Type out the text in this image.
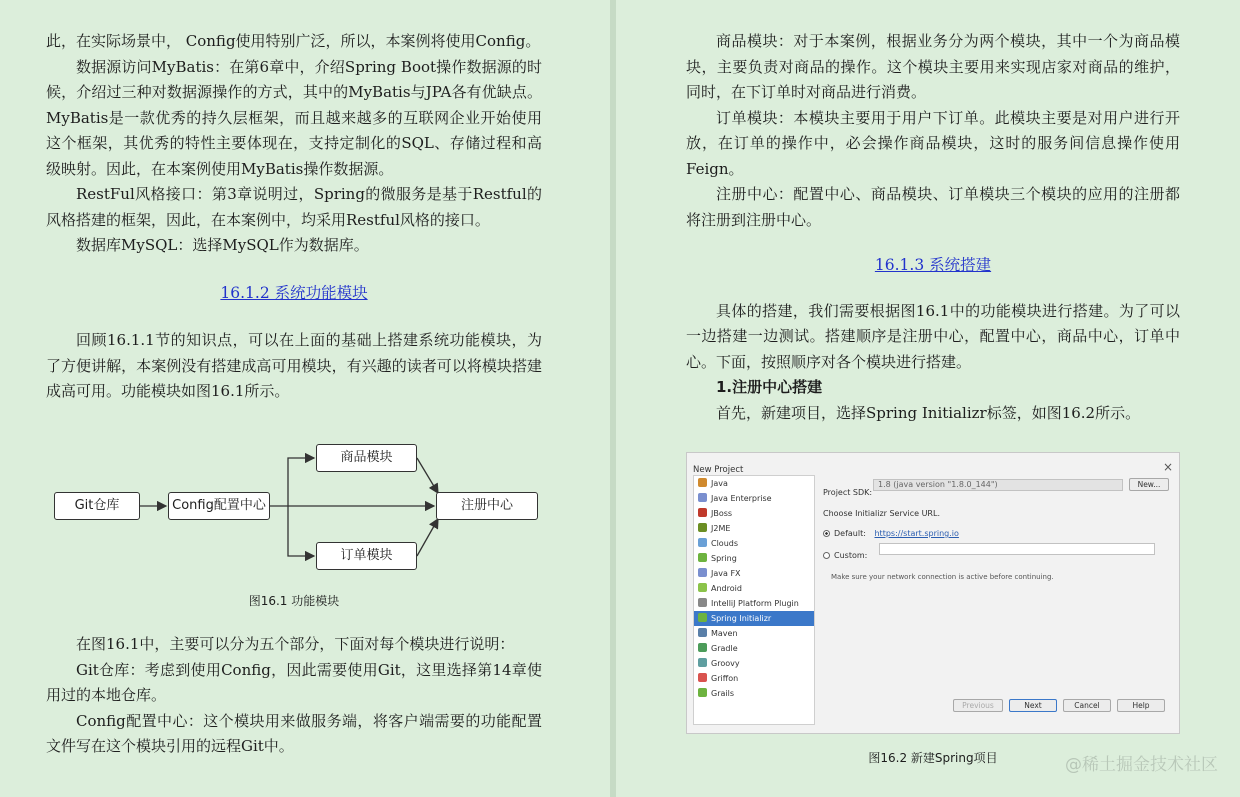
此，在实际场景中， Config使用特别广泛，所以，本案例将使用Config。

数据源访问MyBatis：在第6章中，介绍Spring Boot操作数据源的时候，介绍过三种对数据源操作的方式，其中的MyBatis与JPA各有优缺点。MyBatis是一款优秀的持久层框架，而且越来越多的互联网企业开始使用这个框架，其优秀的特性主要体现在，支持定制化的SQL、存储过程和高级映射。因此，在本案例使用MyBatis操作数据源。

RestFul风格接口：第3章说明过，Spring的微服务是基于Restful的风格搭建的框架，因此，在本案例中，均采用Restful风格的接口。

数据库MySQL：选择MySQL作为数据库。

16.1.2 系统功能模块

回顾16.1.1节的知识点，可以在上面的基础上搭建系统功能模块，为了方便讲解，本案例没有搭建成高可用模块，有兴趣的读者可以将模块搭建成高可用。功能模块如图16.1所示。

Git仓库	Config配置中心
商品模块
订单模块
注册中心

图16.1 功能模块

在图16.1中，主要可以分为五个部分，下面对每个模块进行说明：

Git仓库：考虑到使用Config，因此需要使用Git，这里选择第14章使用过的本地仓库。

Config配置中心：这个模块用来做服务端，将客户端需要的功能配置文件写在这个模块引用的远程Git中。

商品模块：对于本案例，根据业务分为两个模块，其中一个为商品模块，主要负责对商品的操作。这个模块主要用来实现店家对商品的维护，同时，在下订单时对商品进行消费。

订单模块：本模块主要用于用户下订单。此模块主要是对用户进行开放，在订单的操作中，必会操作商品模块，这时的服务间信息操作使用Feign。

注册中心：配置中心、商品模块、订单模块三个模块的应用的注册都将注册到注册中心。

16.1.3 系统搭建

具体的搭建，我们需要根据图16.1中的功能模块进行搭建。为了可以一边搭建一边测试。搭建顺序是注册中心，配置中心，商品中心，订单中心。下面，按照顺序对各个模块进行搭建。

1.注册中心搭建

首先，新建项目，选择Spring Initializr标签，如图16.2所示。

New Project	×
Java
Java Enterprise
JBoss
J2ME
Clouds
Spring
Java FX
Android
IntelliJ Platform Plugin
Spring Initializr
Maven
Gradle
Groovy
Griffon
Grails
Project SDK:
1.8 (java version "1.8.0_144")	New...
Choose Initializr Service URL.
Default: https://start.spring.io
Custom:
Make sure your network connection is active before continuing.
Previous	Next	Cancel	Help

图16.2 新建Spring项目	@稀土掘金技术社区
